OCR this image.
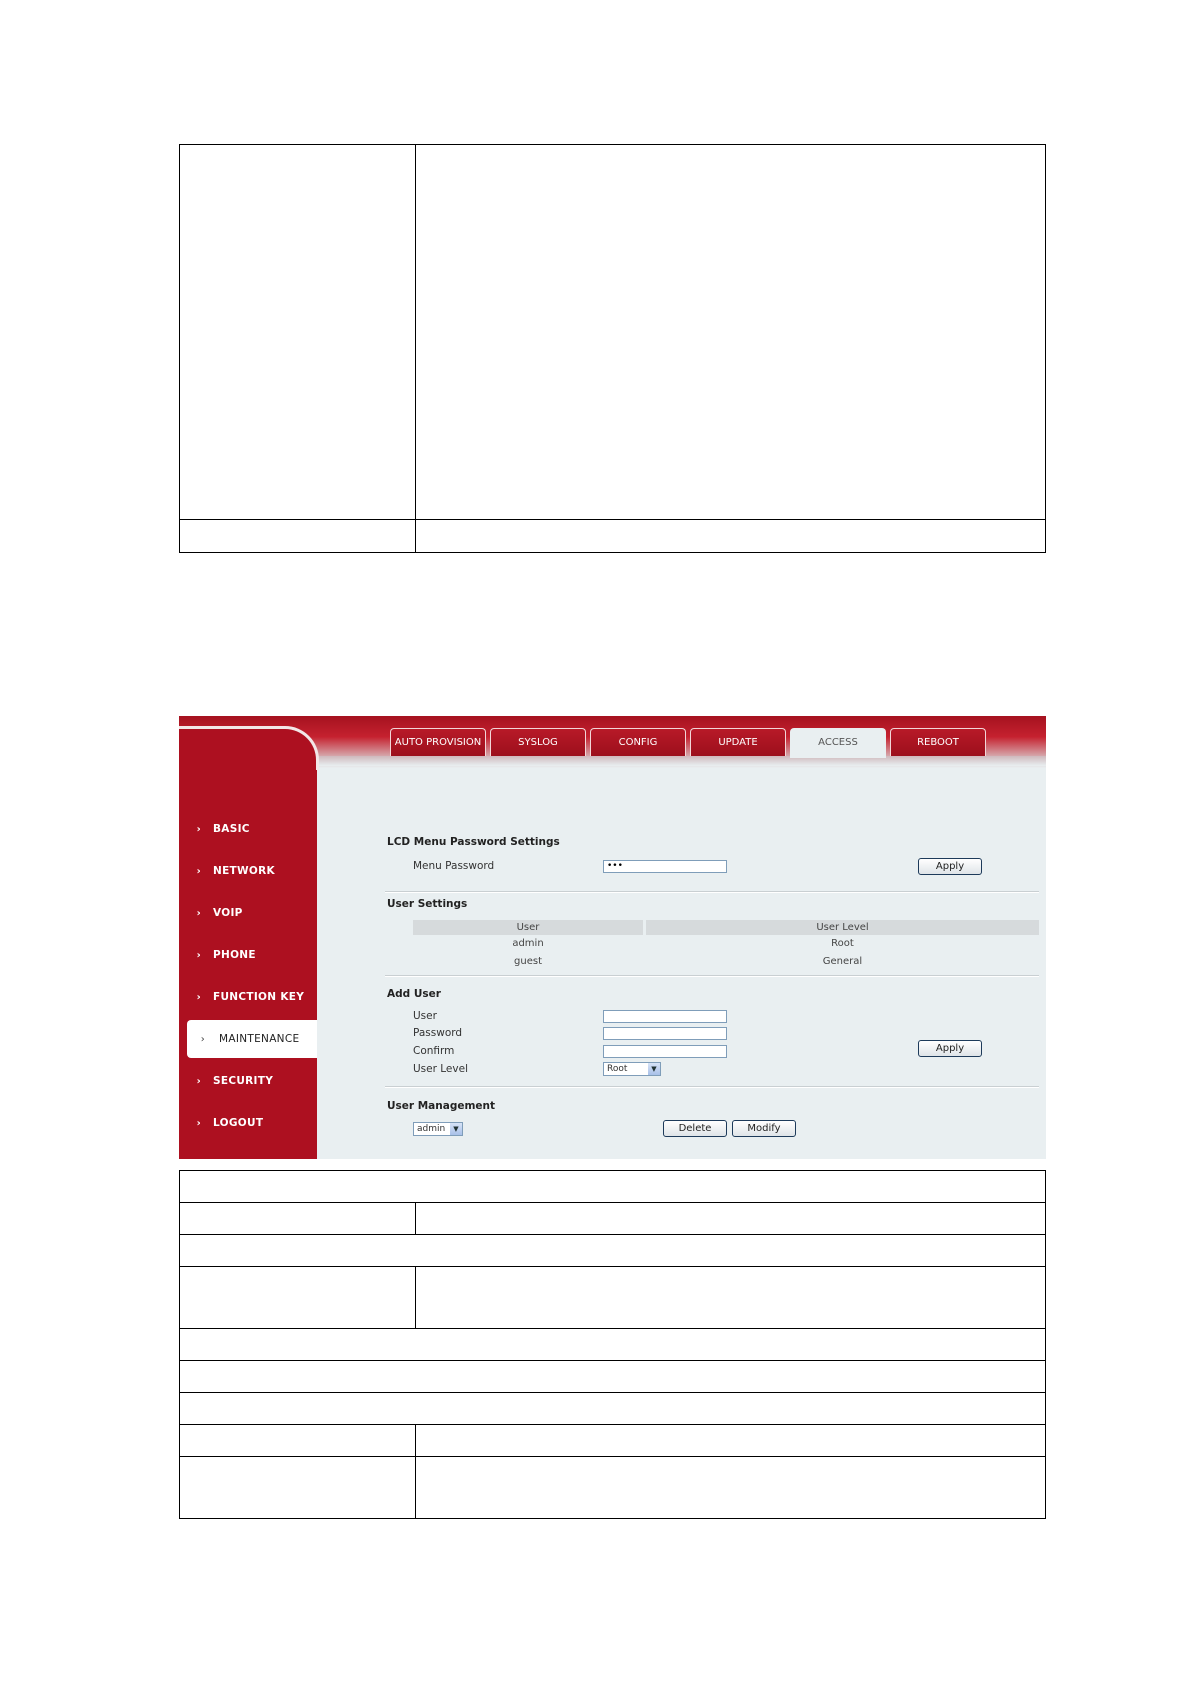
AUTO PROVISION	SYSLOG	CONFIG	UPDATE	ACCESS	REBOOT
›	BASIC
›	NETWORK
›	VOIP
›	PHONE
›	FUNCTION KEY
›	MAINTENANCE
›	SECURITY
›	LOGOUT
LCD Menu Password Settings
Menu Password	•••	Apply
User Settings
User	User Level
admin	Root
guest	General
Add User
User
Password
Confirm
User Level	Root	▼
Apply
User Management
admin	▼	Delete	Modify
